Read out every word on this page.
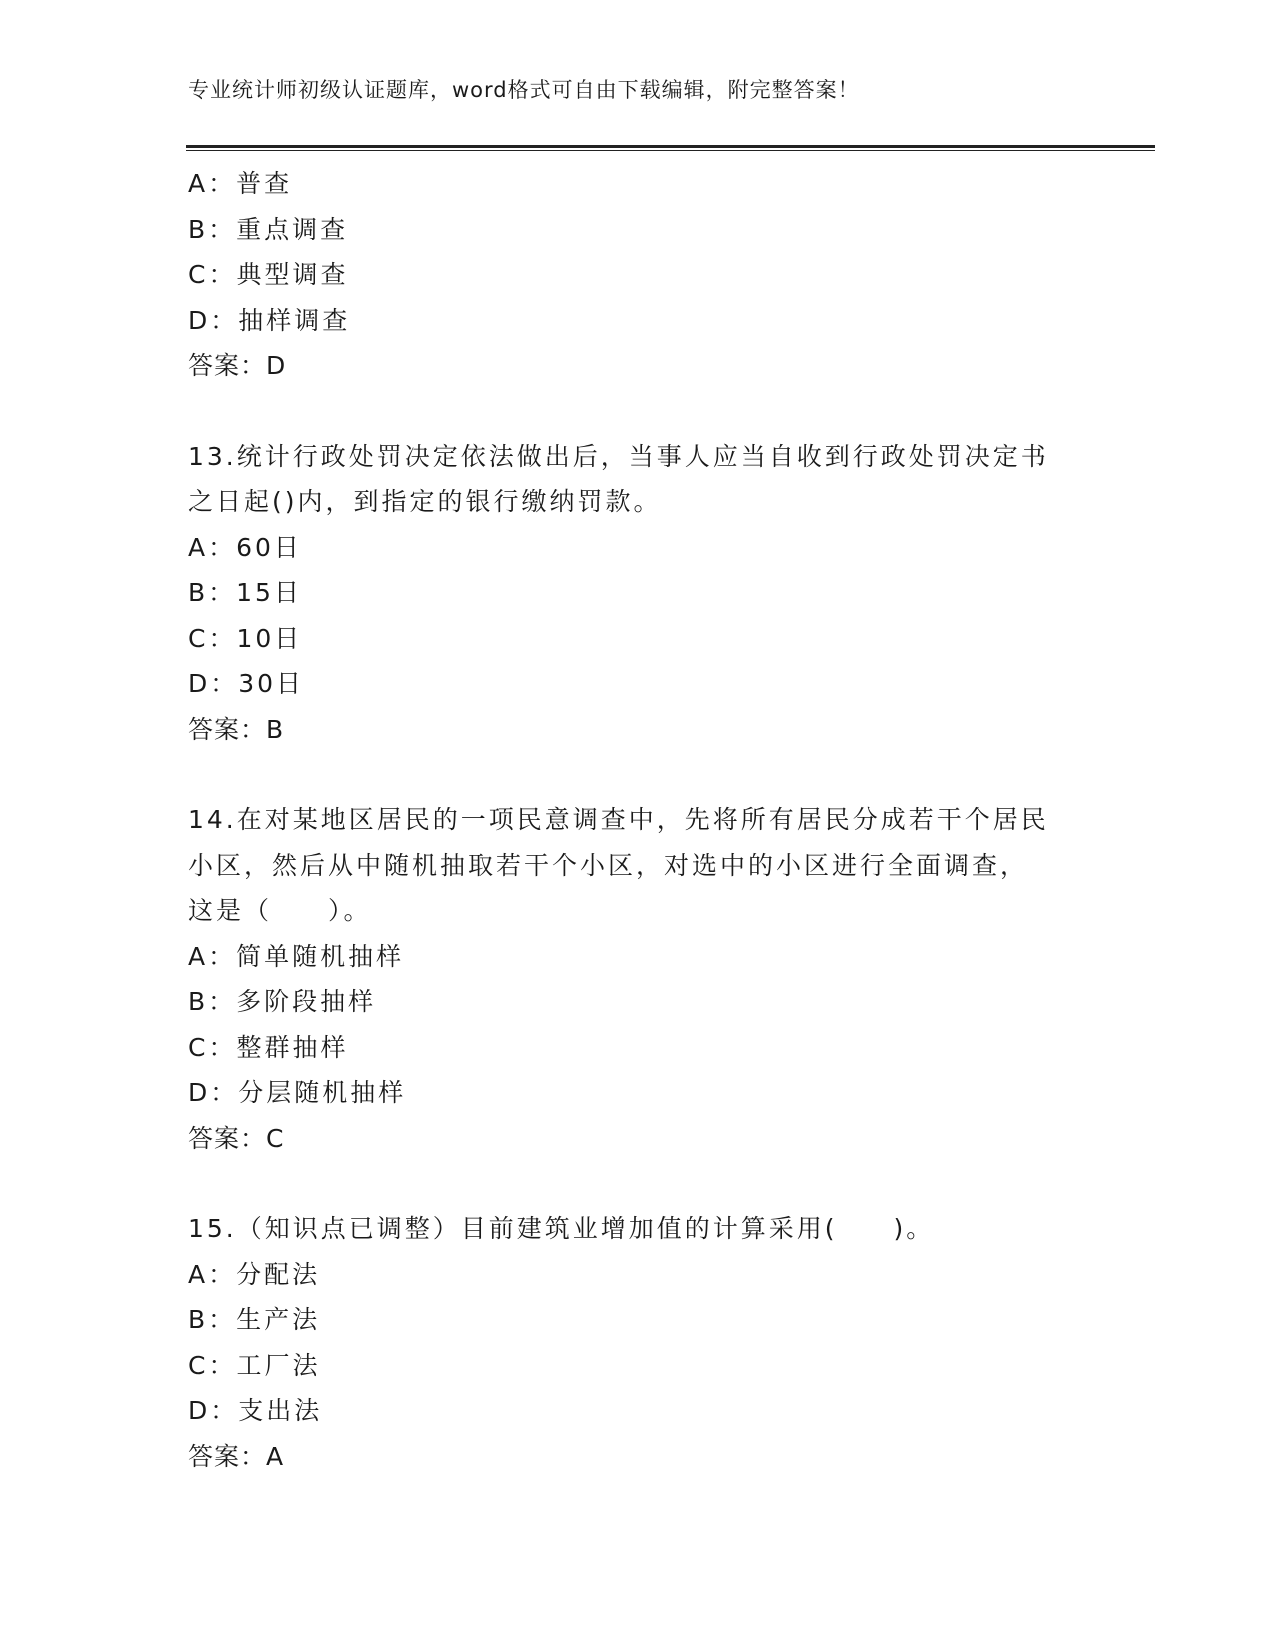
专业统计师初级认证题库，word格式可自由下载编辑，附完整答案！
A：普查
B：重点调查
C：典型调查
D：抽样调查
答案：D
13.统计行政处罚决定依法做出后，当事人应当自收到行政处罚决定书
之日起()内，到指定的银行缴纳罚款。
A：60日
B：15日
C：10日
D：30日
答案：B
14.在对某地区居民的一项民意调查中，先将所有居民分成若干个居民
小区，然后从中随机抽取若干个小区，对选中的小区进行全面调查，
这是（　　）。
A：简单随机抽样
B：多阶段抽样
C：整群抽样
D：分层随机抽样
答案：C
15.（知识点已调整）目前建筑业增加值的计算采用(　　)。
A：分配法
B：生产法
C：工厂法
D：支出法
答案：A
